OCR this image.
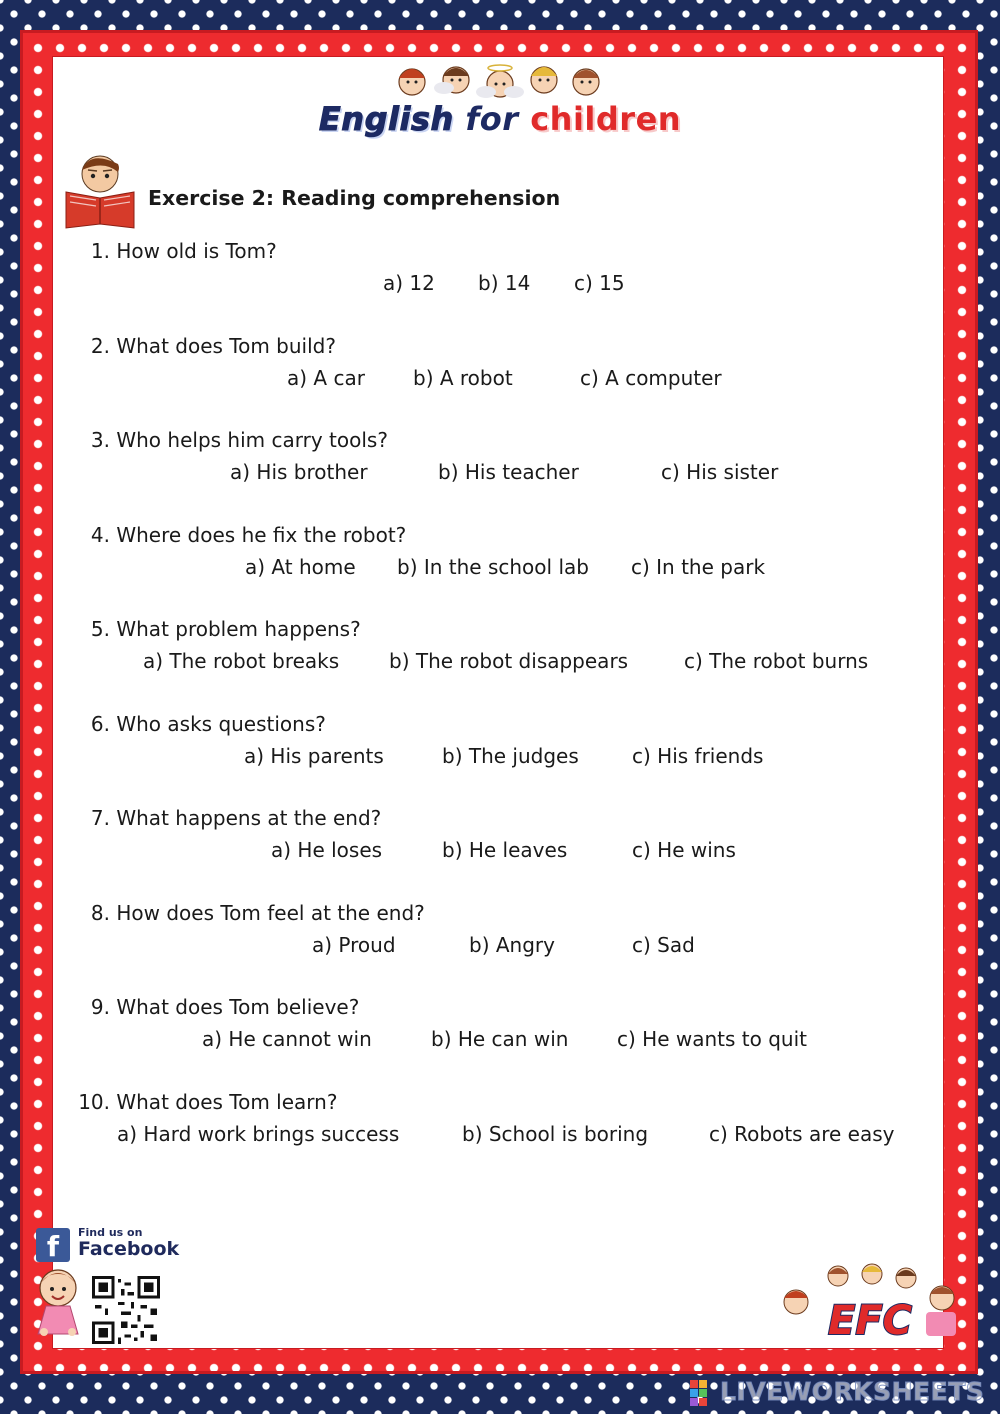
English for children
Exercise 2: Reading comprehension
1. How old is Tom?
a) 12 b) 14 c) 15
2. What does Tom build?
a) A car b) A robot	c) A computer
3. Who helps him carry tools?
a) His brother	b) His teacher	c) His sister
4. Where does he fix the robot?
a) At home b) In the school lab c) In the park
5. What problem happens?
a) The robot breaks b) The robot disappears	c) The robot burns
6. Who asks questions?
a) His parents	b) The judges	c) His friends
7. What happens at the end?
a) He loses	b) He leaves	c) He wins
8. How does Tom feel at the end?
a) Proud	b) Angry	c) Sad
9. What does Tom believe?
a) He cannot win	b) He can win c) He wants to quit
10. What does Tom learn?
a) Hard work brings success	b) School is boring	c) Robots are easy
f	Find us on
Facebook
EFC
LIVEWORKSHEETS
